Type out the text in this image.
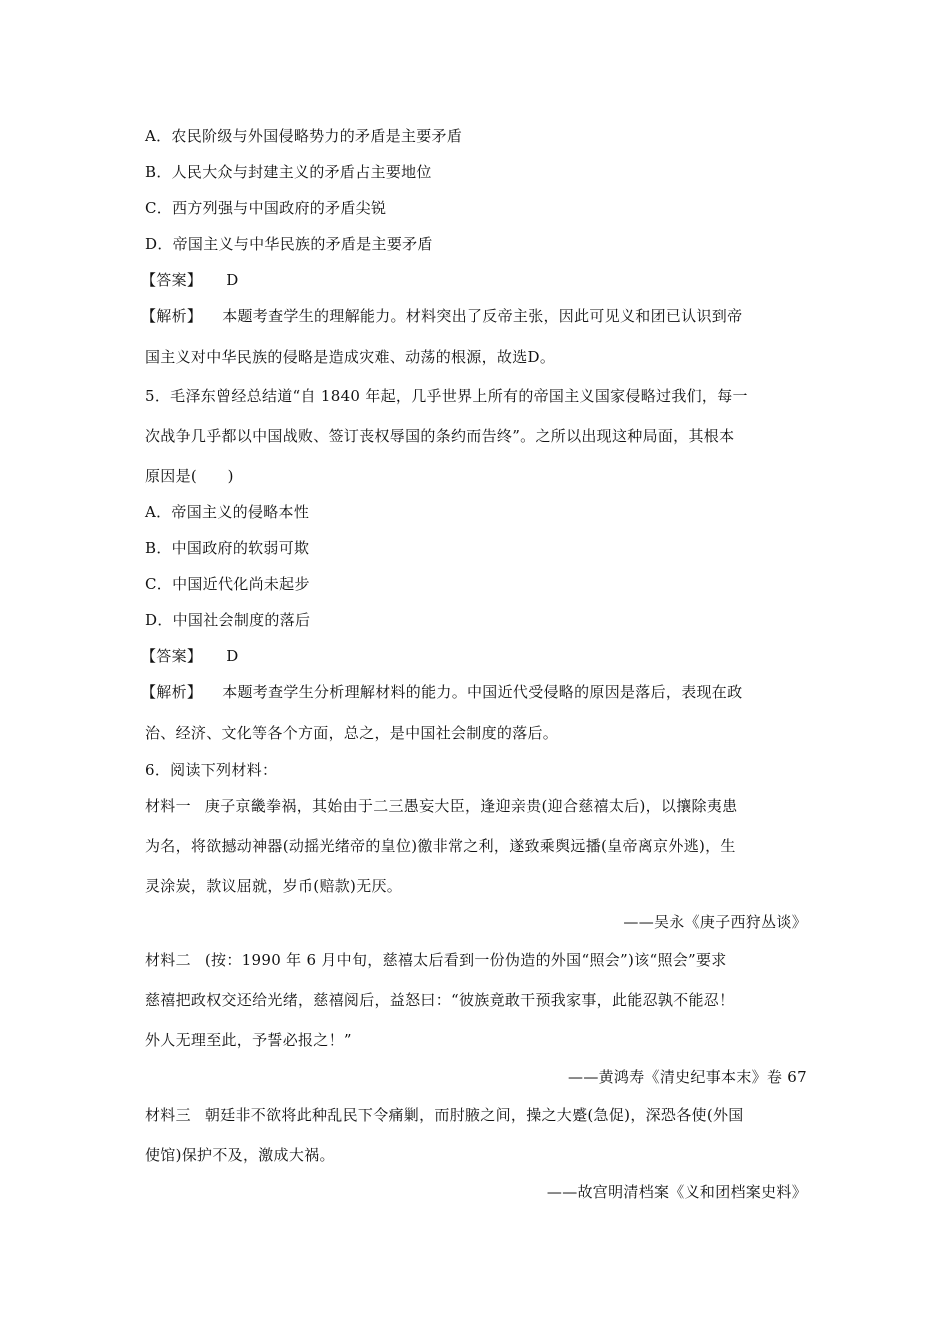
A．农民阶级与外国侵略势力的矛盾是主要矛盾
B．人民大众与封建主义的矛盾占主要地位
C．西方列强与中国政府的矛盾尖锐
D．帝国主义与中华民族的矛盾是主要矛盾
【答案】 D
【解析】 本题考查学生的理解能力。材料突出了反帝主张，因此可见义和团已认识到帝
国主义对中华民族的侵略是造成灾难、动荡的根源，故选D。
5．毛泽东曾经总结道“自 1840 年起，几乎世界上所有的帝国主义国家侵略过我们，每一
次战争几乎都以中国战败、签订丧权辱国的条约而告终”。之所以出现这种局面，其根本
原因是(　　)
A．帝国主义的侵略本性
B．中国政府的软弱可欺
C．中国近代化尚未起步
D．中国社会制度的落后
【答案】 D
【解析】 本题考查学生分析理解材料的能力。中国近代受侵略的原因是落后，表现在政
治、经济、文化等各个方面，总之，是中国社会制度的落后。
6．阅读下列材料：
材料一 庚子京畿拳祸，其始由于二三愚妄大臣，逢迎亲贵(迎合慈禧太后)，以攘除夷患
为名，将欲撼动神器(动摇光绪帝的皇位)徼非常之利，遂致乘舆远播(皇帝离京外逃)，生
灵涂炭，款议屈就，岁币(赔款)无厌。
——吴永《庚子西狩丛谈》
材料二 (按：1990 年 6 月中旬，慈禧太后看到一份伪造的外国“照会”)该“照会”要求
慈禧把政权交还给光绪，慈禧阅后，益怒曰：“彼族竟敢干预我家事，此能忍孰不能忍！
外人无理至此，予誓必报之！”
——黄鸿寿《清史纪事本末》卷 67
材料三 朝廷非不欲将此种乱民下令痛剿，而肘腋之间，操之大蹙(急促)，深恐各使(外国
使馆)保护不及，激成大祸。
——故宫明清档案《义和团档案史料》
